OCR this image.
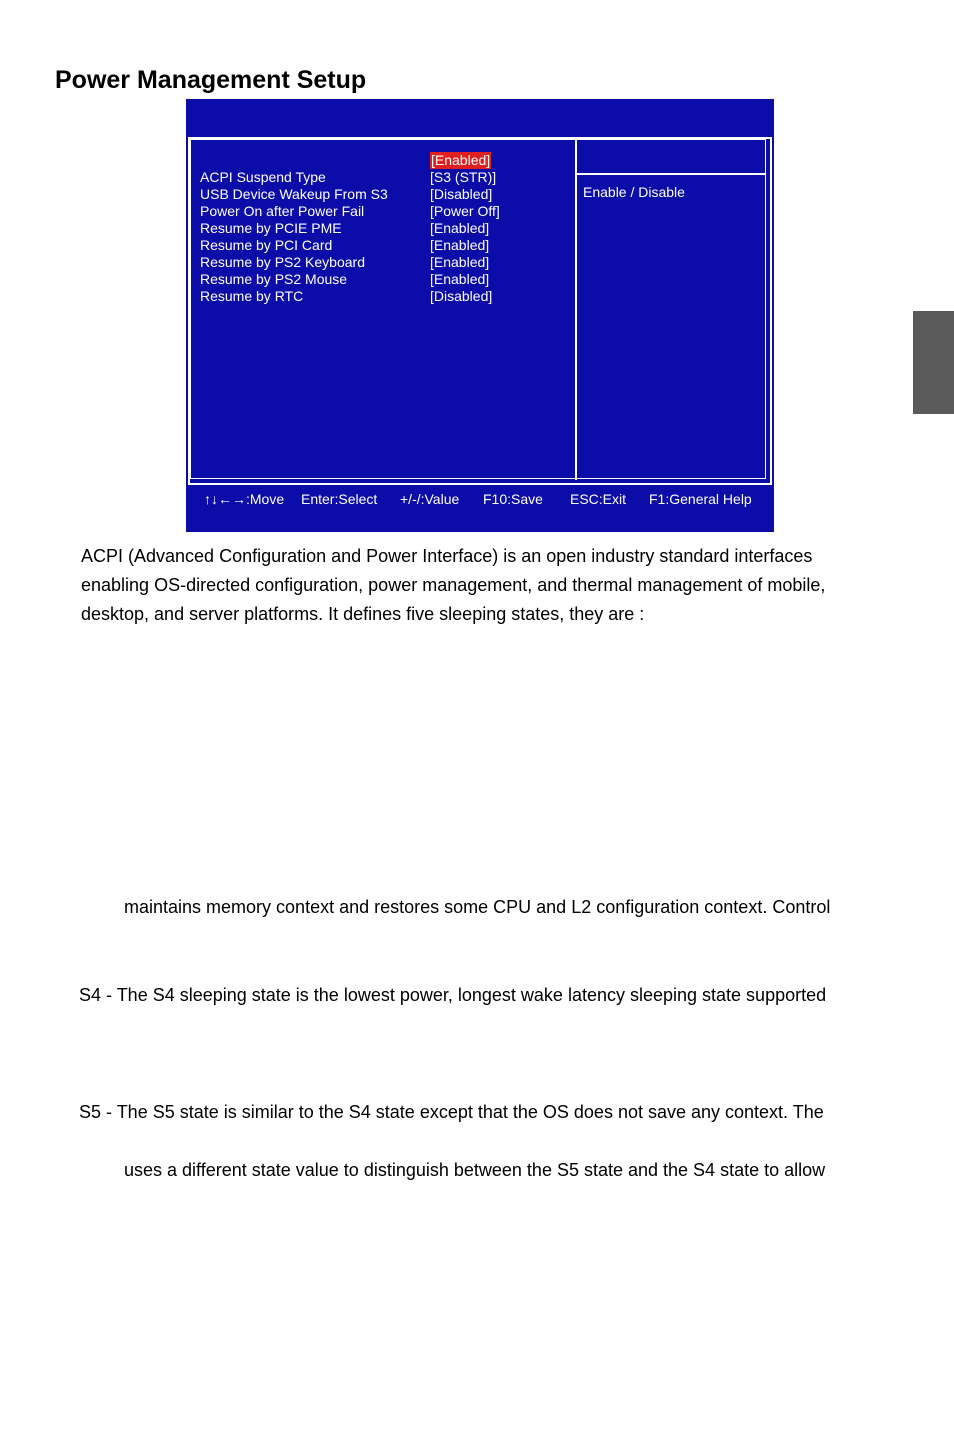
Power Management Setup
[Enabled]
ACPI Suspend Type	[S3 (STR)]
USB Device Wakeup From S3	[Disabled]
Power On after Power Fail	[Power Off]
Resume by PCIE PME	[Enabled]
Resume by PCI Card	[Enabled]
Resume by PS2 Keyboard	[Enabled]
Resume by PS2 Mouse	[Enabled]
Resume by RTC	[Disabled]
Enable / Disable
↑↓←→:Move Enter:Select +/-/:Value F10:Save ESC:Exit F1:General Help

ACPI (Advanced Configuration and Power Interface) is an open industry standard interfaces

enabling OS-directed configuration, power management, and thermal management of mobile,

desktop, and server platforms. It defines five sleeping states, they are :

maintains memory context and restores some CPU and L2 configuration context. Control

S4 - The S4 sleeping state is the lowest power, longest wake latency sleeping state supported

S5 - The S5 state is similar to the S4 state except that the OS does not save any context. The

uses a different state value to distinguish between the S5 state and the S4 state to allow
